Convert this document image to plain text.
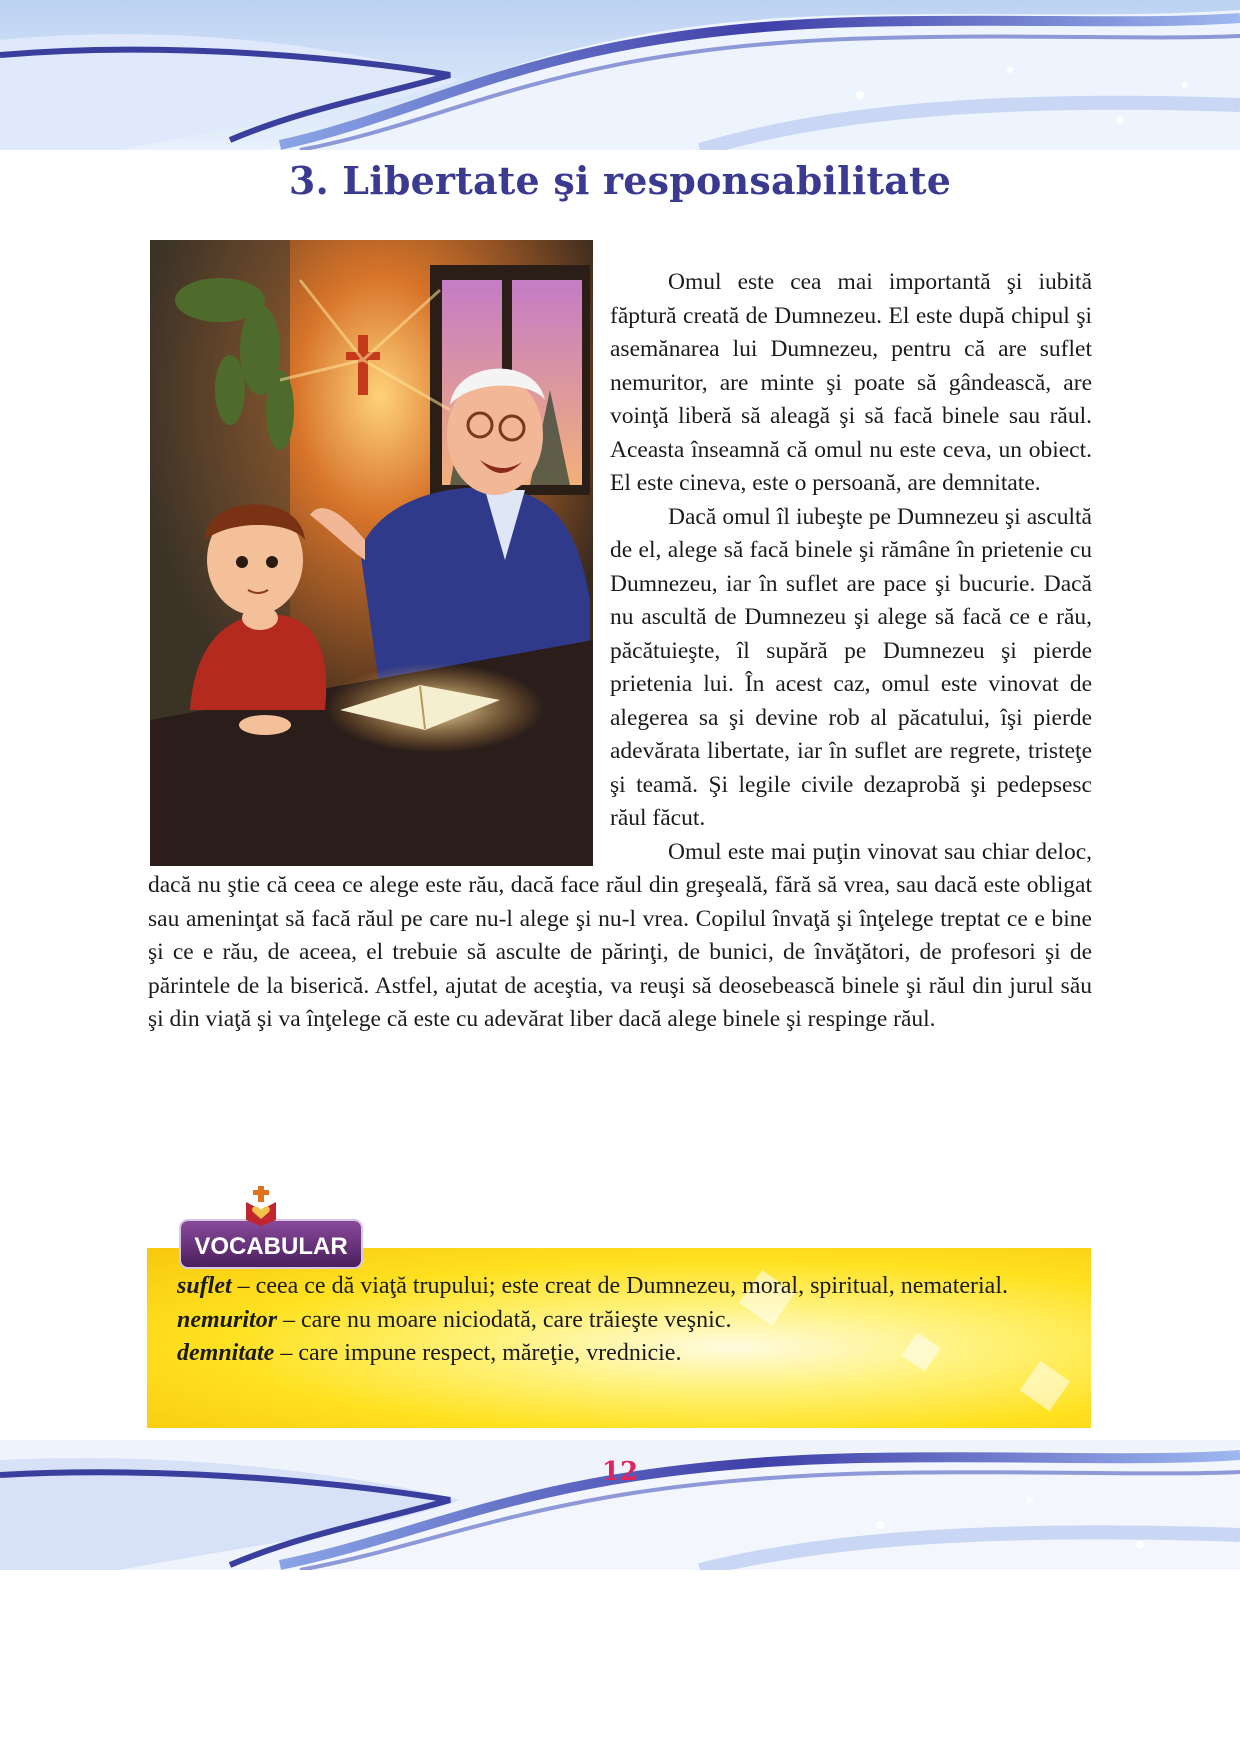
3. Libertate şi responsabilitate

Omul este cea mai importantă şi iubită făptură creată de Dumnezeu. El este după chipul şi asemănarea lui Dumnezeu, pentru că are suflet nemuritor, are minte şi poate să gândească, are voinţă liberă să aleagă şi să facă binele sau răul. Aceasta înseamnă că omul nu este ceva, un obiect. El este cineva, este o persoană, are demnitate.

Dacă omul îl iubeşte pe Dumnezeu şi ascultă de el, alege să facă binele şi rămâne în prietenie cu Dumnezeu, iar în suflet are pace şi bucurie. Dacă nu ascultă de Dumnezeu şi alege să facă ce e rău, păcătuieşte, îl supără pe Dumnezeu şi pierde prietenia lui. În acest caz, omul este vinovat de alegerea sa şi devine rob al păcatului, îşi pierde adevărata libertate, iar în suflet are regrete, tristeţe şi teamă. Şi legile civile dezaprobă şi pedepsesc răul făcut.

Omul este mai puţin vinovat sau chiar deloc, dacă nu ştie că ceea ce alege este rău, dacă face răul din greşeală, fără să vrea, sau dacă este obligat sau ameninţat să facă răul pe care nu-l alege şi nu-l vrea. Copilul învaţă şi înţelege treptat ce e bine şi ce e rău, de aceea, el trebuie să asculte de părinţi, de bunici, de învăţători, de profesori şi de părintele de la biserică. Astfel, ajutat de aceştia, va reuşi să deosebească binele şi răul din jurul său şi din viaţă şi va înţelege că este cu adevărat liber dacă alege binele şi respinge răul.

suflet – ceea ce dă viaţă trupului; este creat de Dumnezeu, moral, spiritual, nematerial.
nemuritor – care nu moare niciodată, care trăieşte veşnic.
demnitate – care impune respect, măreţie, vrednicie.
VOCABULAR
12
